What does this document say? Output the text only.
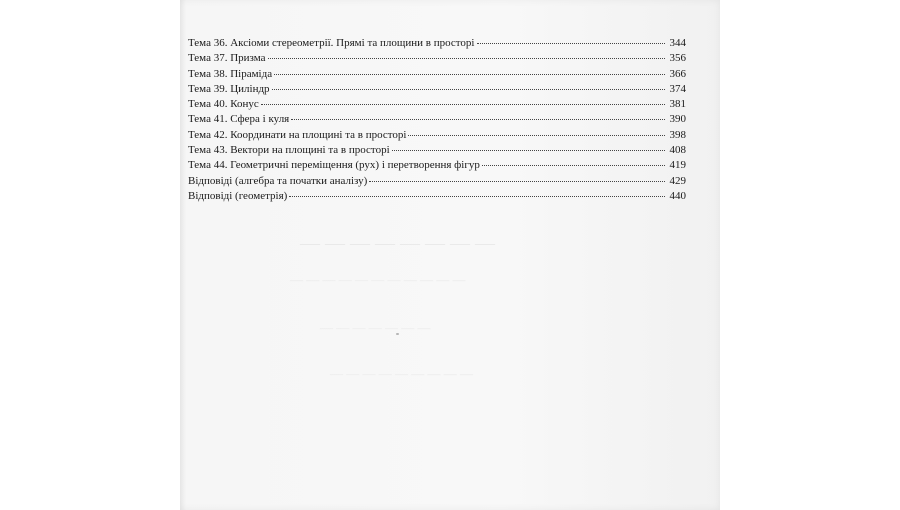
— — — — — — — —
— — — — — — — — — — —
— — — — — — —
— — — — — — — — —
Тема 36. Аксіоми стереометрії. Прямі та площини в просторі	344
Тема 37. Призма	356
Тема 38. Піраміда	366
Тема 39. Циліндр	374
Тема 40. Конус	381
Тема 41. Сфера і куля	390
Тема 42. Координати на площині та в просторі	398
Тема 43. Вектори на площині та в просторі	408
Тема 44. Геометричні переміщення (рух) і перетворення фігур	419
Відповіді (алгебра та початки аналізу)	429
Відповіді (геометрія)	440
